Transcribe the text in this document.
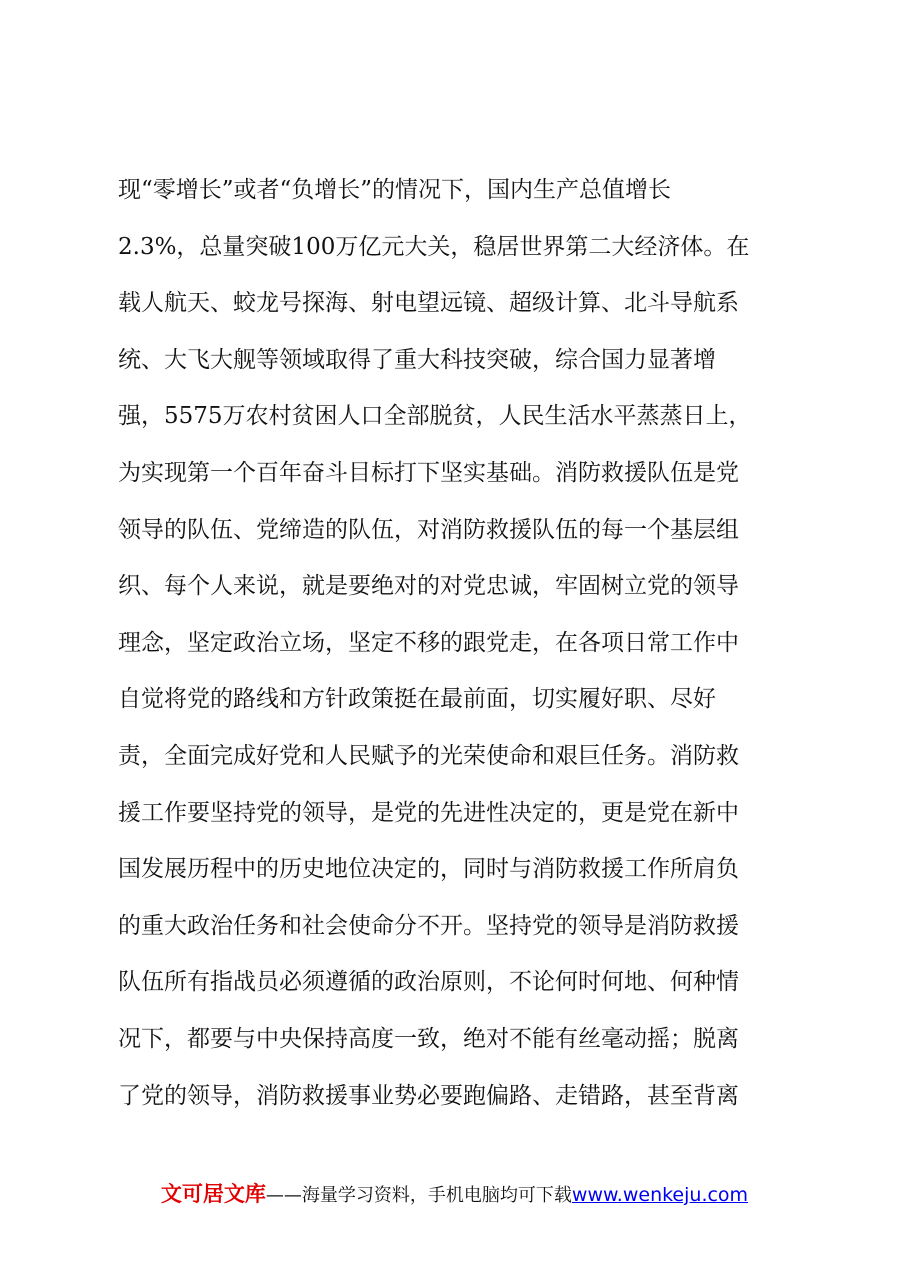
现“零增长”或者“负增长”的情况下，国内生产总值增长
2.3%，总量突破100万亿元大关，稳居世界第二大经济体。在
载人航天、蛟龙号探海、射电望远镜、超级计算、北斗导航系
统、大飞大舰等领域取得了重大科技突破，综合国力显著增
强，5575万农村贫困人口全部脱贫，人民生活水平蒸蒸日上，
为实现第一个百年奋斗目标打下坚实基础。消防救援队伍是党
领导的队伍、党缔造的队伍，对消防救援队伍的每一个基层组
织、每个人来说，就是要绝对的对党忠诚，牢固树立党的领导
理念，坚定政治立场，坚定不移的跟党走，在各项日常工作中
自觉将党的路线和方针政策挺在最前面，切实履好职、尽好
责，全面完成好党和人民赋予的光荣使命和艰巨任务。消防救
援工作要坚持党的领导，是党的先进性决定的，更是党在新中
国发展历程中的历史地位决定的，同时与消防救援工作所肩负
的重大政治任务和社会使命分不开。坚持党的领导是消防救援
队伍所有指战员必须遵循的政治原则，不论何时何地、何种情
况下，都要与中央保持高度一致，绝对不能有丝毫动摇；脱离
了党的领导，消防救援事业势必要跑偏路、走错路，甚至背离
文可居文库——海量学习资料，手机电脑均可下载www.wenkeju.com
